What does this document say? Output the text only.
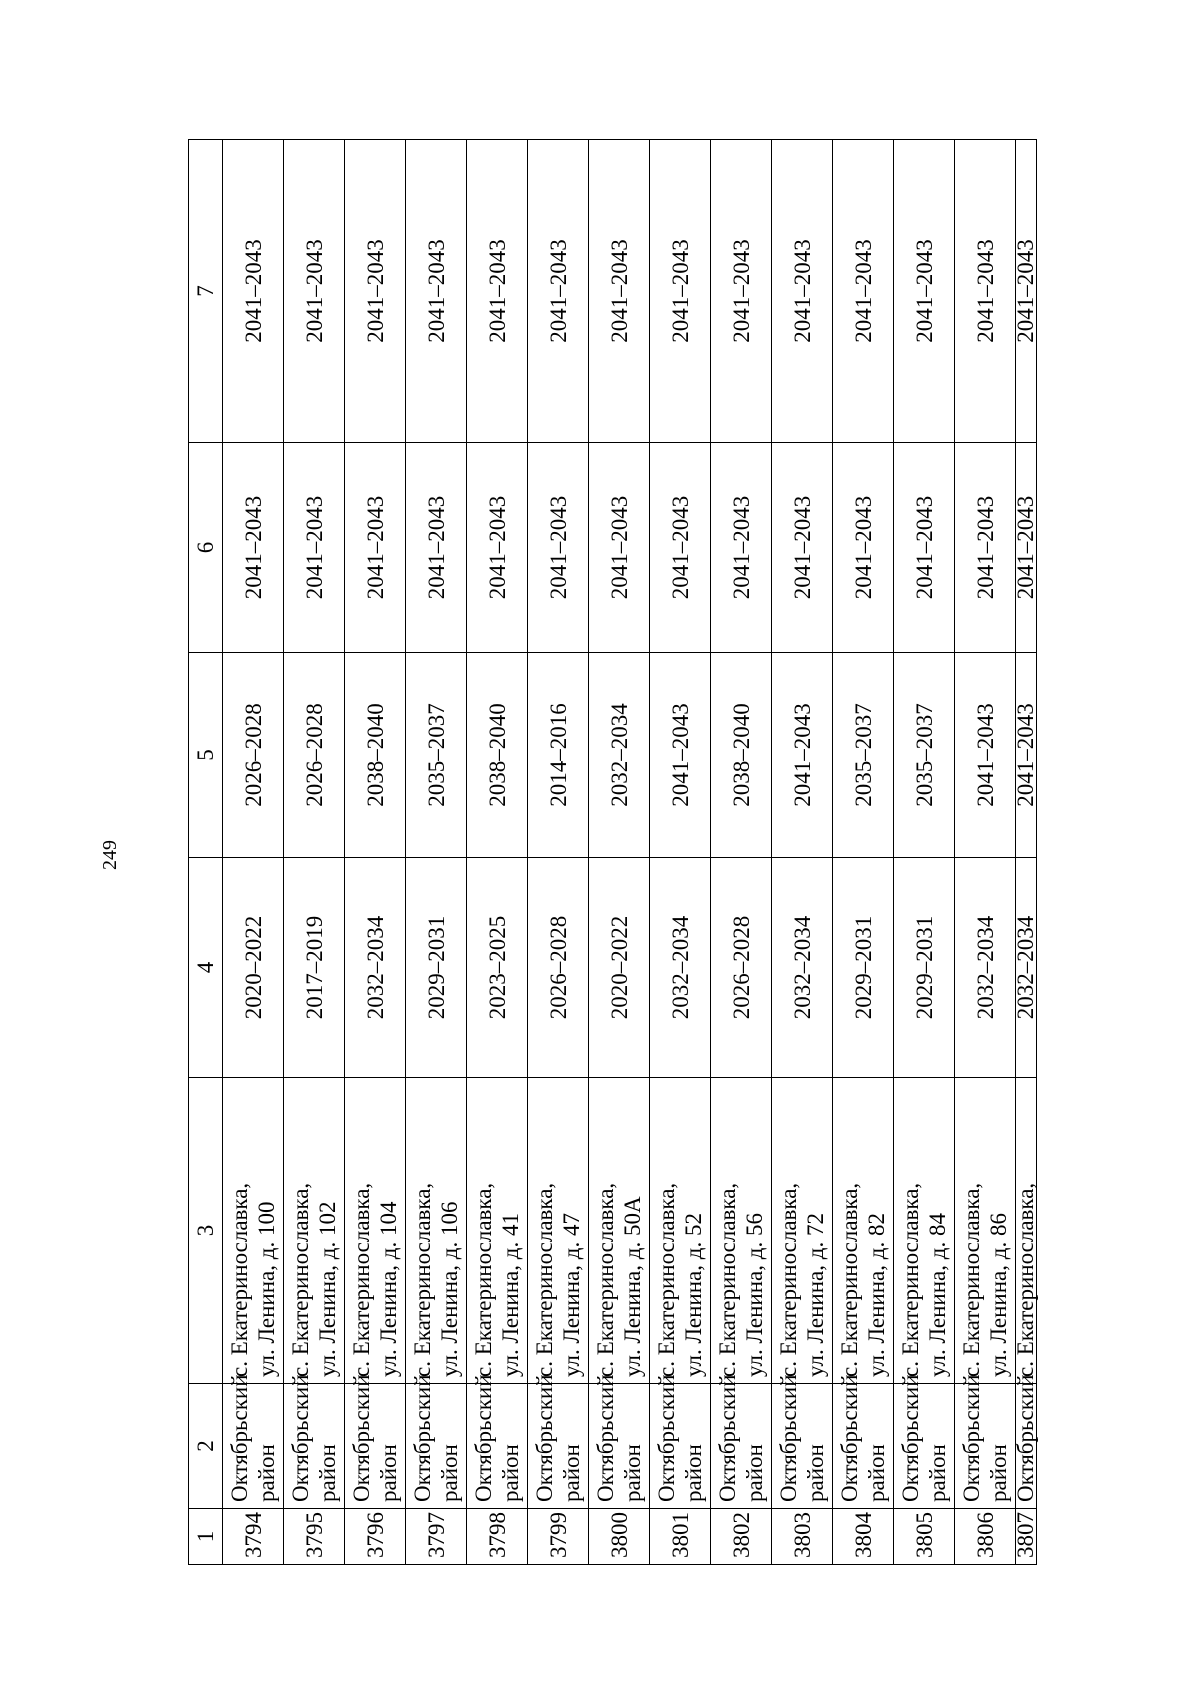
249
1	2	3	4	5	6	7
3794	Октябрьский район	с. Екатеринославка, ул. Ленина, д. 100	2020–2022	2026–2028	2041–2043	2041–2043
3795	Октябрьский район	с. Екатеринославка, ул. Ленина, д. 102	2017–2019	2026–2028	2041–2043	2041–2043
3796	Октябрьский район	с. Екатеринославка, ул. Ленина, д. 104	2032–2034	2038–2040	2041–2043	2041–2043
3797	Октябрьский район	с. Екатеринославка, ул. Ленина, д. 106	2029–2031	2035–2037	2041–2043	2041–2043
3798	Октябрьский район	с. Екатеринославка, ул. Ленина, д. 41	2023–2025	2038–2040	2041–2043	2041–2043
3799	Октябрьский район	с. Екатеринославка, ул. Ленина, д. 47	2026–2028	2014–2016	2041–2043	2041–2043
3800	Октябрьский район	с. Екатеринославка, ул. Ленина, д. 50А	2020–2022	2032–2034	2041–2043	2041–2043
3801	Октябрьский район	с. Екатеринославка, ул. Ленина, д. 52	2032–2034	2041–2043	2041–2043	2041–2043
3802	Октябрьский район	с. Екатеринославка, ул. Ленина, д. 56	2026–2028	2038–2040	2041–2043	2041–2043
3803	Октябрьский район	с. Екатеринославка, ул. Ленина, д. 72	2032–2034	2041–2043	2041–2043	2041–2043
3804	Октябрьский район	с. Екатеринославка, ул. Ленина, д. 82	2029–2031	2035–2037	2041–2043	2041–2043
3805	Октябрьский район	с. Екатеринославка, ул. Ленина, д. 84	2029–2031	2035–2037	2041–2043	2041–2043
3806	Октябрьский район	с. Екатеринославка, ул. Ленина, д. 86	2032–2034	2041–2043	2041–2043	2041–2043
3807	Октябрьский	с. Екатеринославка,	2032–2034	2041–2043	2041–2043	2041–2043
